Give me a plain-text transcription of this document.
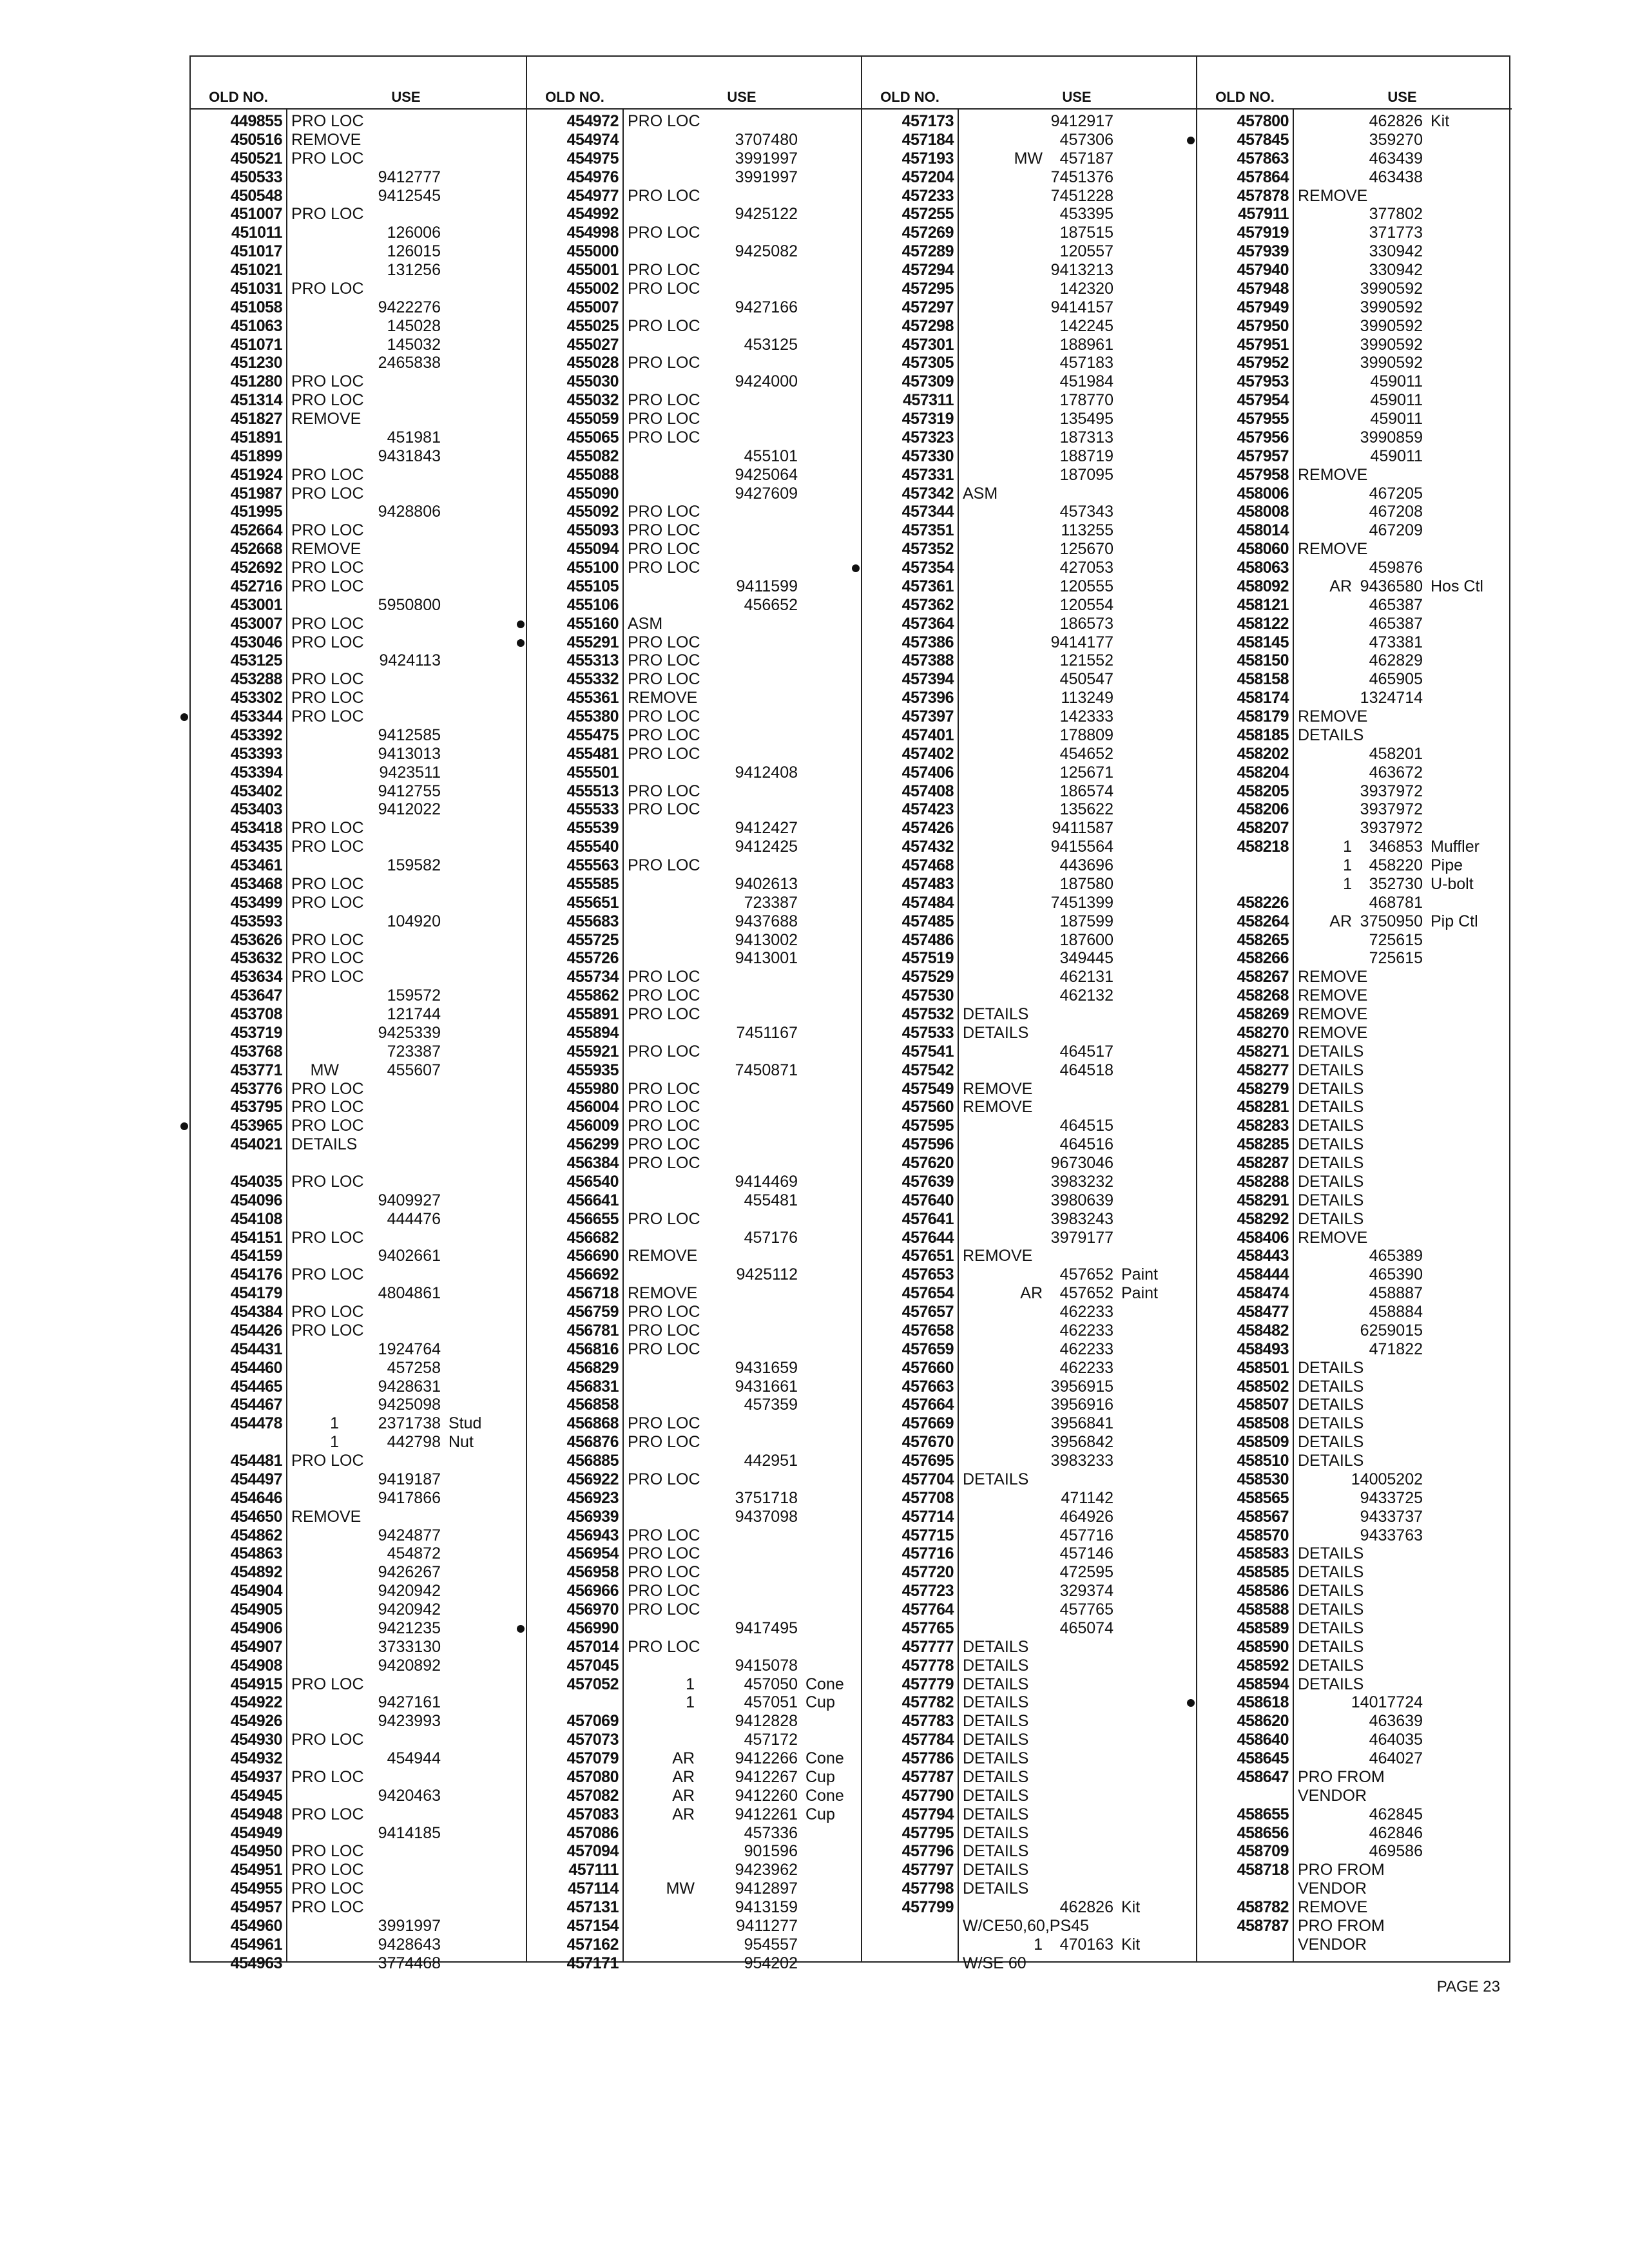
OLD NO.	USE
449855 PRO LOC
450516 REMOVE
450521 PRO LOC
450533	9412777
450548	9412545
451007 PRO LOC
451011	126006
451017	126015
451021	131256
451031 PRO LOC
451058	9422276
451063	145028
451071	145032
451230	2465838
451280 PRO LOC
451314 PRO LOC
451827 REMOVE
451891	451981
451899	9431843
451924 PRO LOC
451987 PRO LOC
451995	9428806
452664 PRO LOC
452668 REMOVE
452692 PRO LOC
452716 PRO LOC
453001	5950800
453007 PRO LOC
453046 PRO LOC
453125	9424113
453288 PRO LOC
453302 PRO LOC
453344 PRO LOC
453392	9412585
453393	9413013
453394	9423511
453402	9412755
453403	9412022
453418 PRO LOC
453435 PRO LOC
453461	159582
453468 PRO LOC
453499 PRO LOC
453593	104920
453626 PRO LOC
453632 PRO LOC
453634 PRO LOC
453647	159572
453708	121744
453719	9425339
453768	723387
453771	MW	455607
453776 PRO LOC
453795 PRO LOC
453965 PRO LOC
454021 DETAILS
454035 PRO LOC
454096	9409927
454108	444476
454151 PRO LOC
454159	9402661
454176 PRO LOC
454179	4804861
454384 PRO LOC
454426 PRO LOC
454431	1924764
454460	457258
454465	9428631
454467	9425098
454478	1	2371738 Stud
1	442798 Nut
454481 PRO LOC
454497	9419187
454646	9417866
454650 REMOVE
454862	9424877
454863	454872
454892	9426267
454904	9420942
454905	9420942
454906	9421235
454907	3733130
454908	9420892
454915 PRO LOC
454922	9427161
454926	9423993
454930 PRO LOC
454932	454944
454937 PRO LOC
454945	9420463
454948 PRO LOC
454949	9414185
454950 PRO LOC
454951 PRO LOC
454955 PRO LOC
454957 PRO LOC
454960	3991997
454961	9428643
454963	3774468
OLD NO.	USE
454972 PRO LOC
454974	3707480
454975	3991997
454976	3991997
454977 PRO LOC
454992	9425122
454998 PRO LOC
455000	9425082
455001 PRO LOC
455002 PRO LOC
455007	9427166
455025 PRO LOC
455027	453125
455028 PRO LOC
455030	9424000
455032 PRO LOC
455059 PRO LOC
455065 PRO LOC
455082	455101
455088	9425064
455090	9427609
455092 PRO LOC
455093 PRO LOC
455094 PRO LOC
455100 PRO LOC
455105	9411599
455106	456652
455160 ASM
455291 PRO LOC
455313 PRO LOC
455332 PRO LOC
455361 REMOVE
455380 PRO LOC
455475 PRO LOC
455481 PRO LOC
455501	9412408
455513 PRO LOC
455533 PRO LOC
455539	9412427
455540	9412425
455563 PRO LOC
455585	9402613
455651	723387
455683	9437688
455725	9413002
455726	9413001
455734 PRO LOC
455862 PRO LOC
455891 PRO LOC
455894	7451167
455921 PRO LOC
455935	7450871
455980 PRO LOC
456004 PRO LOC
456009 PRO LOC
456299 PRO LOC
456384 PRO LOC
456540	9414469
456641	455481
456655 PRO LOC
456682	457176
456690 REMOVE
456692	9425112
456718 REMOVE
456759 PRO LOC
456781 PRO LOC
456816 PRO LOC
456829	9431659
456831	9431661
456858	457359
456868 PRO LOC
456876 PRO LOC
456885	442951
456922 PRO LOC
456923	3751718
456939	9437098
456943 PRO LOC
456954 PRO LOC
456958 PRO LOC
456966 PRO LOC
456970 PRO LOC
456990	9417495
457014 PRO LOC
457045	9415078
457052	1	457050 Cone
1	457051 Cup
457069	9412828
457073	457172
457079	AR	9412266 Cone
457080	AR	9412267 Cup
457082	AR	9412260 Cone
457083	AR	9412261 Cup
457086	457336
457094	901596
457111	9423962
457114	MW	9412897
457131	9413159
457154	9411277
457162	954557
457171	954202
OLD NO.	USE
457173	9412917
457184	457306
457193	MW	457187
457204	7451376
457233	7451228
457255	453395
457269	187515
457289	120557
457294	9413213
457295	142320
457297	9414157
457298	142245
457301	188961
457305	457183
457309	451984
457311	178770
457319	135495
457323	187313
457330	188719
457331	187095
457342 ASM
457344	457343
457351	113255
457352	125670
457354	427053
457361	120555
457362	120554
457364	186573
457386	9414177
457388	121552
457394	450547
457396	113249
457397	142333
457401	178809
457402	454652
457406	125671
457408	186574
457423	135622
457426	9411587
457432	9415564
457468	443696
457483	187580
457484	7451399
457485	187599
457486	187600
457519	349445
457529	462131
457530	462132
457532 DETAILS
457533 DETAILS
457541	464517
457542	464518
457549 REMOVE
457560 REMOVE
457595	464515
457596	464516
457620	9673046
457639	3983232
457640	3980639
457641	3983243
457644	3979177
457651 REMOVE
457653	457652 Paint
457654	AR	457652 Paint
457657	462233
457658	462233
457659	462233
457660	462233
457663	3956915
457664	3956916
457669	3956841
457670	3956842
457695	3983233
457704 DETAILS
457708	471142
457714	464926
457715	457716
457716	457146
457720	472595
457723	329374
457764	457765
457765	465074
457777 DETAILS
457778 DETAILS
457779 DETAILS
457782 DETAILS
457783 DETAILS
457784 DETAILS
457786 DETAILS
457787 DETAILS
457790 DETAILS
457794 DETAILS
457795 DETAILS
457796 DETAILS
457797 DETAILS
457798 DETAILS
457799	462826 Kit
W/CE50,60,PS45
1	470163 Kit
W/SE 60
OLD NO.	USE
457800	462826 Kit
457845	359270
457863	463439
457864	463438
457878 REMOVE
457911	377802
457919	371773
457939	330942
457940	330942
457948	3990592
457949	3990592
457950	3990592
457951	3990592
457952	3990592
457953	459011
457954	459011
457955	459011
457956	3990859
457957	459011
457958 REMOVE
458006	467205
458008	467208
458014	467209
458060 REMOVE
458063	459876
458092	AR 9436580 Hos Ctl
458121	465387
458122	465387
458145	473381
458150	462829
458158	465905
458174	1324714
458179 REMOVE
458185 DETAILS
458202	458201
458204	463672
458205	3937972
458206	3937972
458207	3937972
458218	1	346853 Muffler
1	458220 Pipe
1	352730 U-bolt
458226	468781
458264	AR 3750950 Pip Ctl
458265	725615
458266	725615
458267 REMOVE
458268 REMOVE
458269 REMOVE
458270 REMOVE
458271 DETAILS
458277 DETAILS
458279 DETAILS
458281 DETAILS
458283 DETAILS
458285 DETAILS
458287 DETAILS
458288 DETAILS
458291 DETAILS
458292 DETAILS
458406 REMOVE
458443	465389
458444	465390
458474	458887
458477	458884
458482	6259015
458493	471822
458501 DETAILS
458502 DETAILS
458507 DETAILS
458508 DETAILS
458509 DETAILS
458510 DETAILS
458530	14005202
458565	9433725
458567	9433737
458570	9433763
458583 DETAILS
458585 DETAILS
458586 DETAILS
458588 DETAILS
458589 DETAILS
458590 DETAILS
458592 DETAILS
458594 DETAILS
458618	14017724
458620	463639
458640	464035
458645	464027
458647 PRO FROM
VENDOR
458655	462845
458656	462846
458709	469586
458718 PRO FROM
VENDOR
458782 REMOVE
458787 PRO FROM
VENDOR
PAGE 23
